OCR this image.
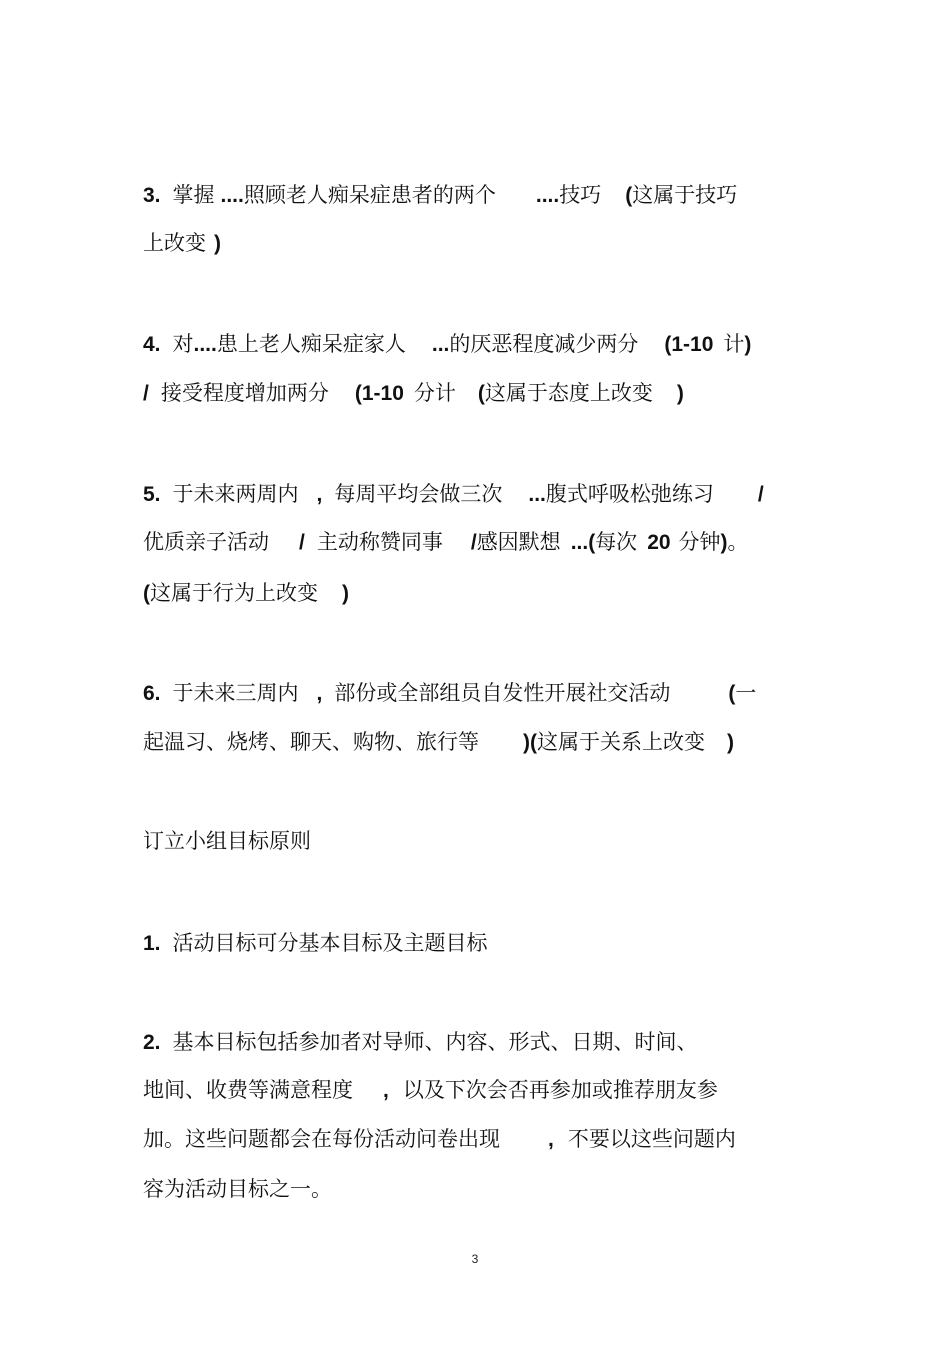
3. 掌握 ....照顾老人痴呆症患者的两个 ....技巧 (这属于技巧
上改变 )
4. 对....患上老人痴呆症家人 ...的厌恶程度减少两分 (1-10 计)
/ 接受程度增加两分 (1-10 分计 (这属于态度上改变 )
5. 于未来两周内 , 每周平均会做三次 ...腹式呼吸松弛练习 /
优质亲子活动 / 主动称赞同事 /感因默想 ...(每次 20 分钟)。
(这属于行为上改变 )
6. 于未来三周内 , 部份或全部组员自发性开展社交活动	(一
起温习、烧烤、聊天、购物、旅行等 )(这属于关系上改变 )
订立小组目标原则
1. 活动目标可分基本目标及主题目标
2. 基本目标包括参加者对导师、内容、形式、日期、时间、
地间、收费等满意程度 , 以及下次会否再参加或推荐朋友参
加。这些问题都会在每份活动问卷出现 , 不要以这些问题内
容为活动目标之一。
3
